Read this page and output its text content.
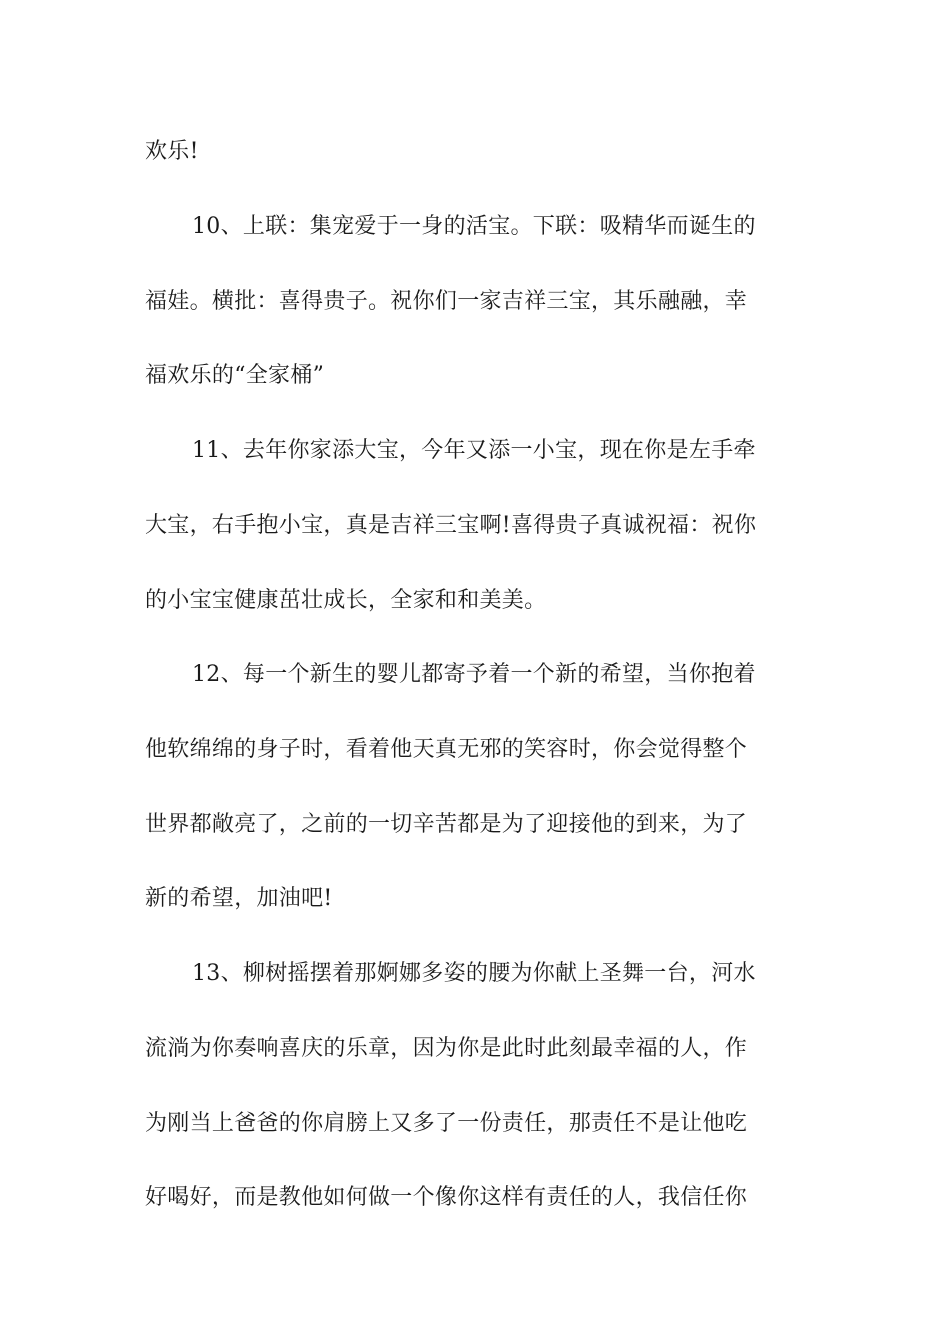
欢乐!
10、上联：集宠爱于一身的活宝。下联：吸精华而诞生的
福娃。横批：喜得贵子。祝你们一家吉祥三宝，其乐融融，幸
福欢乐的“全家桶”
11、去年你家添大宝，今年又添一小宝，现在你是左手牵
大宝，右手抱小宝，真是吉祥三宝啊!喜得贵子真诚祝福：祝你
的小宝宝健康茁壮成长，全家和和美美。
12、每一个新生的婴儿都寄予着一个新的希望，当你抱着
他软绵绵的身子时，看着他天真无邪的笑容时，你会觉得整个
世界都敞亮了，之前的一切辛苦都是为了迎接他的到来，为了
新的希望，加油吧!
13、柳树摇摆着那婀娜多姿的腰为你献上圣舞一台，河水
流淌为你奏响喜庆的乐章，因为你是此时此刻最幸福的人，作
为刚当上爸爸的你肩膀上又多了一份责任，那责任不是让他吃
好喝好，而是教他如何做一个像你这样有责任的人，我信任你
